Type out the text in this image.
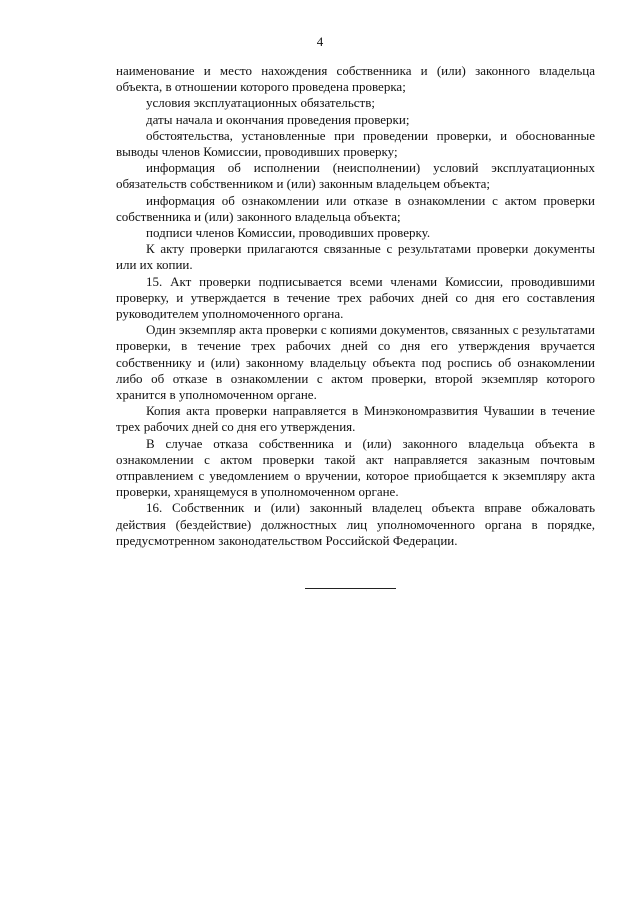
4

наименование и место нахождения собственника и (или) законного владельца объекта, в отношении которого проведена проверка;

условия эксплуатационных обязательств;

даты начала и окончания проведения проверки;

обстоятельства, установленные при проведении проверки, и обоснованные выводы членов Комиссии, проводивших проверку;

информация об исполнении (неисполнении) условий эксплуатационных обязательств собственником и (или) законным владельцем объекта;

информация об ознакомлении или отказе в ознакомлении с актом проверки собственника и (или) законного владельца объекта;

подписи членов Комиссии, проводивших проверку.

К акту проверки прилагаются связанные с результатами проверки документы или их копии.

15. Акт проверки подписывается всеми членами Комиссии, проводившими проверку, и утверждается в течение трех рабочих дней со дня его составления руководителем уполномоченного органа.

Один экземпляр акта проверки с копиями документов, связанных с результатами проверки, в течение трех рабочих дней со дня его утверждения вручается собственнику и (или) законному владельцу объекта под роспись об ознакомлении либо об отказе в ознакомлении с актом проверки, второй экземпляр которого хранится в уполномоченном органе.

Копия акта проверки направляется в Минэкономразвития Чувашии в течение трех рабочих дней со дня его утверждения.

В случае отказа собственника и (или) законного владельца объекта в ознакомлении с актом проверки такой акт направляется заказным почтовым отправлением с уведомлением о вручении, которое приобщается к экземпляру акта проверки, хранящемуся в уполномоченном органе.

16. Собственник и (или) законный владелец объекта вправе обжаловать действия (бездействие) должностных лиц уполномоченного органа в порядке, предусмотренном законодательством Российской Федерации.
